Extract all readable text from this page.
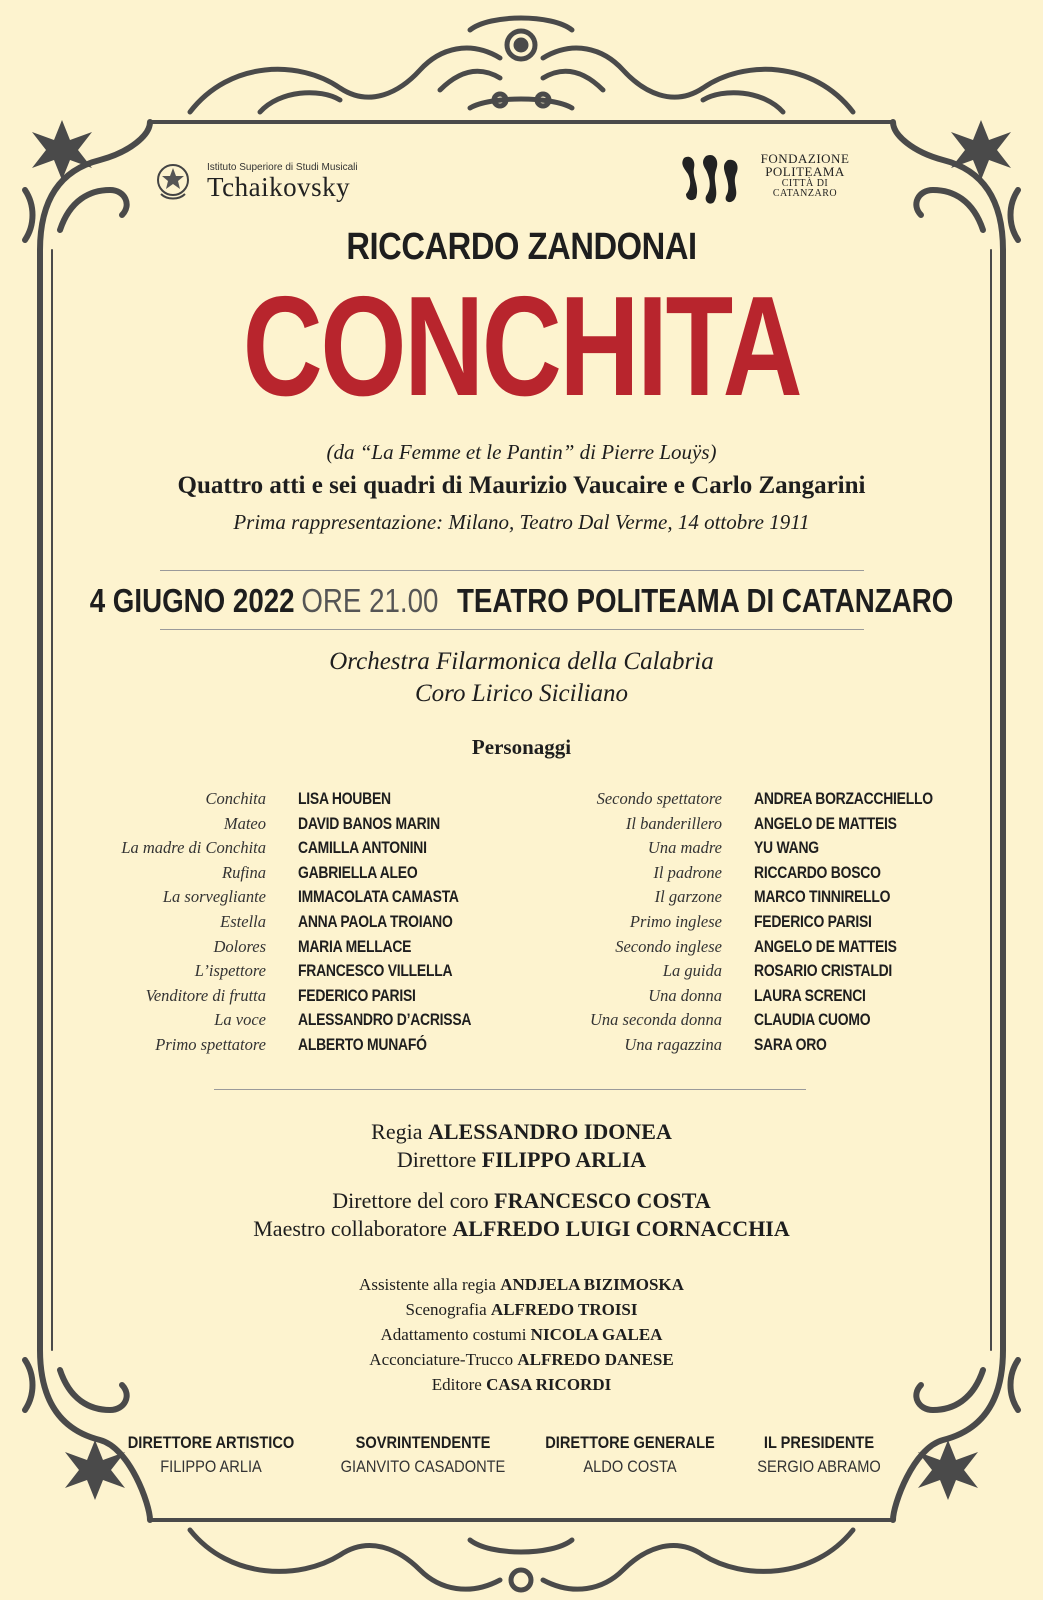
Istituto Superiore di Studi Musicali
Tchaikovsky
FONDAZIONE
POLITEAMA
CITTÀ DI
CATANZARO
RICCARDO ZANDONAI
CONCHITA
(da “La Femme et le Pantin” di Pierre Louÿs)
Quattro atti e sei quadri di Maurizio Vaucaire e Carlo Zangarini
Prima rappresentazione: Milano, Teatro Dal Verme, 14 ottobre 1911
4 GIUGNO 2022 ORE 21.00 TEATRO POLITEAMA DI CATANZARO
Orchestra Filarmonica della Calabria
Coro Lirico Siciliano
Personaggi
Conchita LISA HOUBEN
Mateo DAVID BANOS MARIN
La madre di Conchita CAMILLA ANTONINI
Rufina GABRIELLA ALEO
La sorvegliante IMMACOLATA CAMASTA
Estella ANNA PAOLA TROIANO
Dolores MARIA MELLACE
L’ispettore FRANCESCO VILLELLA
Venditore di frutta FEDERICO PARISI
La voce ALESSANDRO D’ACRISSA
Primo spettatore ALBERTO MUNAFÓ
Secondo spettatore ANDREA BORZACCHIELLO
Il banderillero ANGELO DE MATTEIS
Una madre YU WANG
Il padrone RICCARDO BOSCO
Il garzone MARCO TINNIRELLO
Primo inglese FEDERICO PARISI
Secondo inglese ANGELO DE MATTEIS
La guida ROSARIO CRISTALDI
Una donna LAURA SCRENCI
Una seconda donna CLAUDIA CUOMO
Una ragazzina SARA ORO
Regia ALESSANDRO IDONEA
Direttore FILIPPO ARLIA
Direttore del coro FRANCESCO COSTA
Maestro collaboratore ALFREDO LUIGI CORNACCHIA
Assistente alla regia ANDJELA BIZIMOSKA
Scenografia ALFREDO TROISI
Adattamento costumi NICOLA GALEA
Acconciature-Trucco ALFREDO DANESE
Editore CASA RICORDI
DIRETTORE ARTISTICO
FILIPPO ARLIA
SOVRINTENDENTE
GIANVITO CASADONTE
DIRETTORE GENERALE
ALDO COSTA
IL PRESIDENTE
SERGIO ABRAMO
